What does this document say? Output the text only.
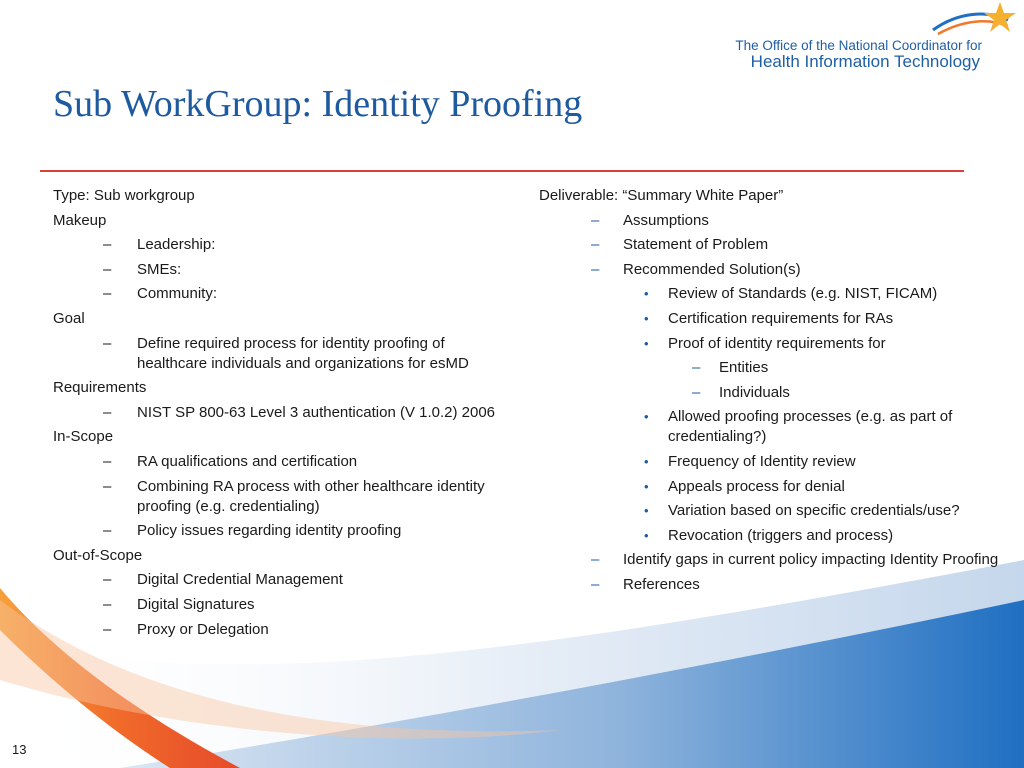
The Office of the National Coordinator for
Health Information Technology
Sub WorkGroup: Identity Proofing
Type: Sub workgroup
Makeup
– Leadership:
– SMEs:
– Community:
Goal
– Define required process for identity proofing of healthcare individuals and organizations for esMD
Requirements
– NIST SP 800-63 Level 3 authentication (V 1.0.2) 2006
In-Scope
– RA qualifications and certification
– Combining RA process with other healthcare identity proofing (e.g. credentialing)
– Policy issues regarding identity proofing
Out-of-Scope
– Digital Credential Management
– Digital Signatures
– Proxy or Delegation
Deliverable: “Summary White Paper”
– Assumptions
– Statement of Problem
– Recommended Solution(s)
• Review of Standards (e.g. NIST, FICAM)
• Certification requirements for RAs
• Proof of identity requirements for
– Entities
– Individuals
• Allowed proofing processes (e.g. as part of credentialing?)
• Frequency of Identity review
• Appeals process for denial
• Variation based on specific credentials/use?
• Revocation (triggers and process)
– Identify gaps in current policy impacting Identity Proofing
– References
13
